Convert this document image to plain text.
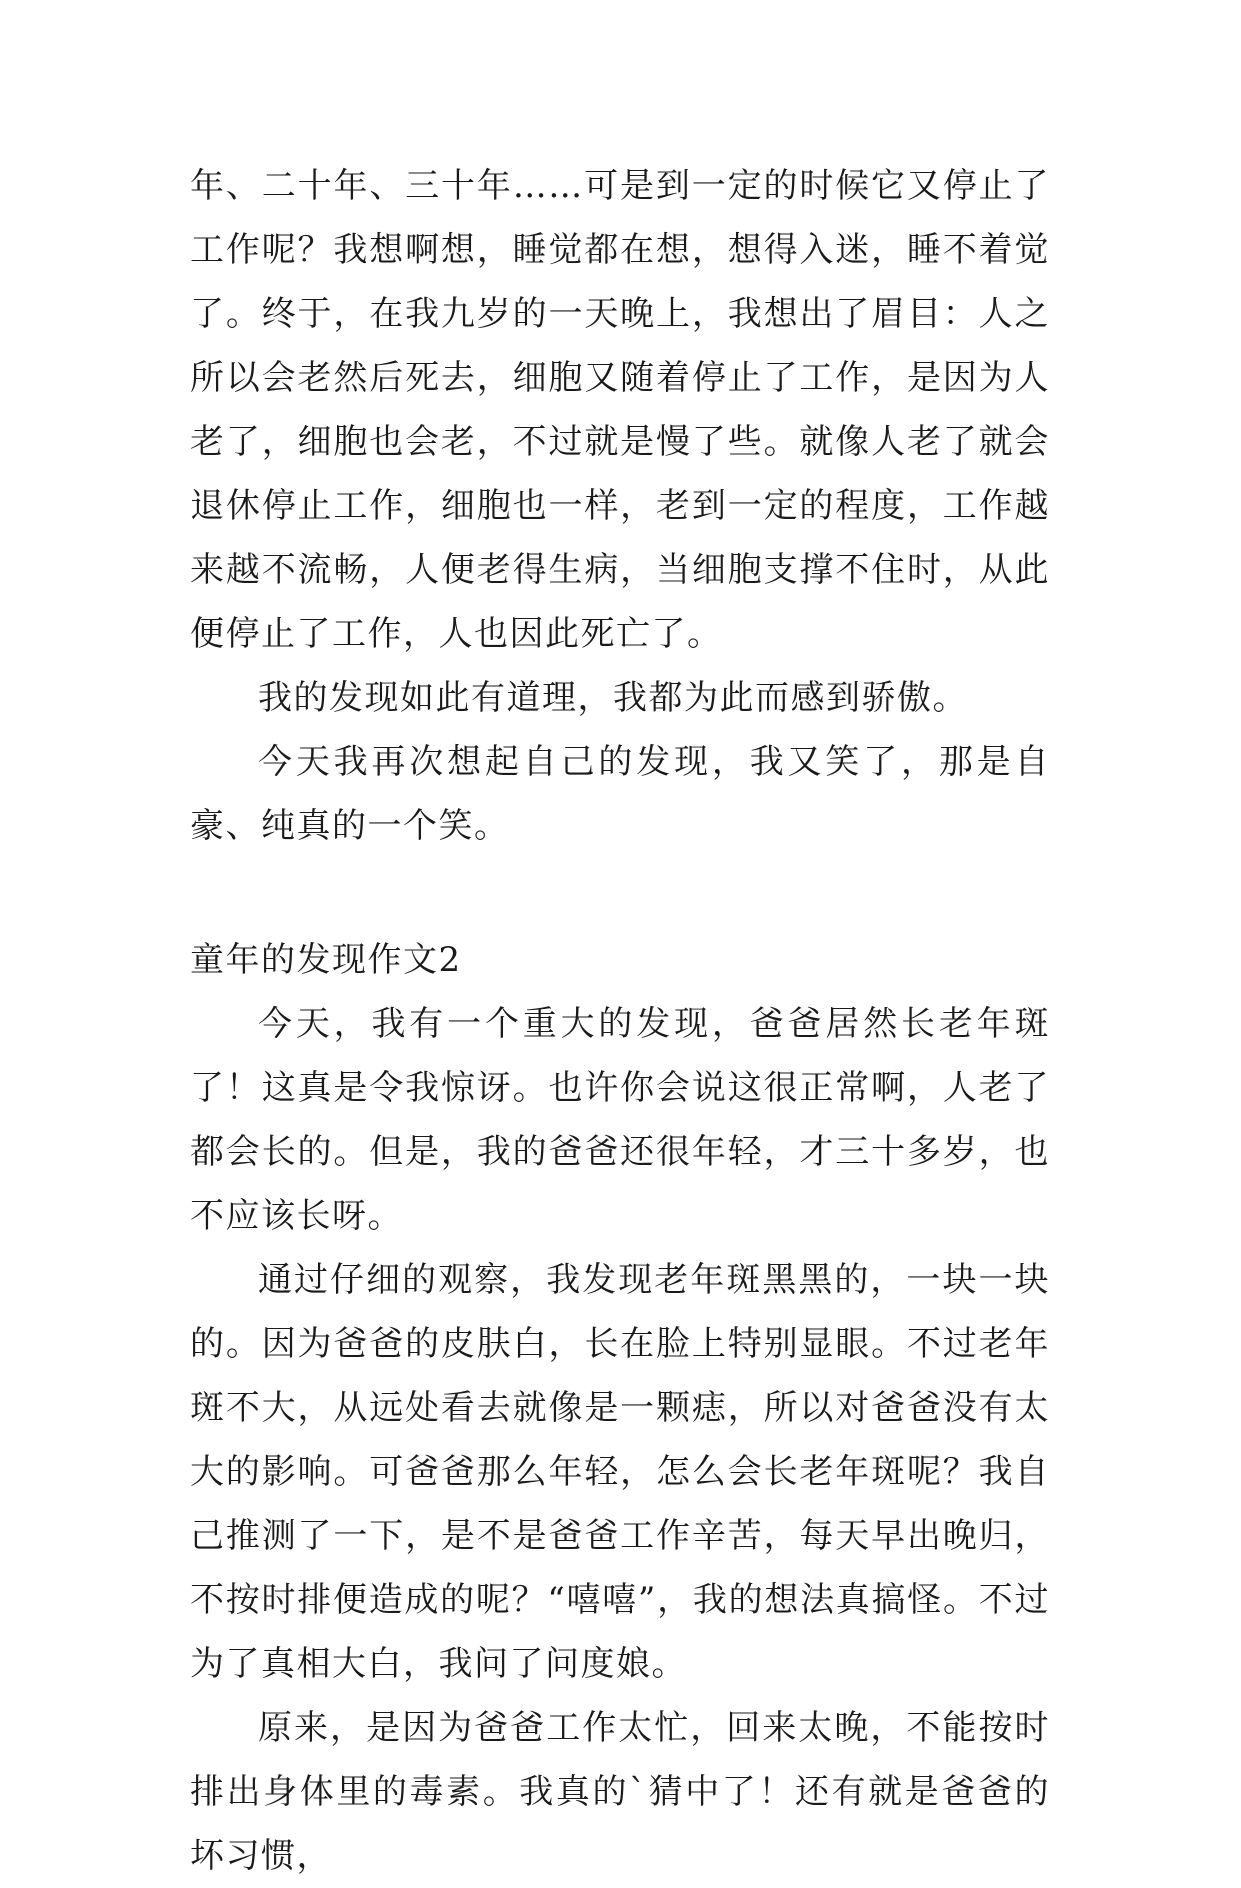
年、二十年、三十年……可是到一定的时候它又停止了工作呢？我想啊想，睡觉都在想，想得入迷，睡不着觉了。终于，在我九岁的一天晚上，我想出了眉目：人之所以会老然后死去，细胞又随着停止了工作，是因为人老了，细胞也会老，不过就是慢了些。就像人老了就会退休停止工作，细胞也一样，老到一定的程度，工作越来越不流畅，人便老得生病，当细胞支撑不住时，从此便停止了工作，人也因此死亡了。

我的发现如此有道理，我都为此而感到骄傲。

今天我再次想起自己的发现，我又笑了，那是自豪、纯真的一个笑。

童年的发现作文2

今天，我有一个重大的发现，爸爸居然长老年斑了！这真是令我惊讶。也许你会说这很正常啊，人老了都会长的。但是，我的爸爸还很年轻，才三十多岁，也不应该长呀。

通过仔细的观察，我发现老年斑黑黑的，一块一块的。因为爸爸的皮肤白，长在脸上特别显眼。不过老年斑不大，从远处看去就像是一颗痣，所以对爸爸没有太大的影响。可爸爸那么年轻，怎么会长老年斑呢？我自己推测了一下，是不是爸爸工作辛苦，每天早出晚归，不按时排便造成的呢？“嘻嘻”，我的想法真搞怪。不过为了真相大白，我问了问度娘。

原来，是因为爸爸工作太忙，回来太晚，不能按时排出身体里的毒素。我真的`猜中了！还有就是爸爸的坏习惯，
